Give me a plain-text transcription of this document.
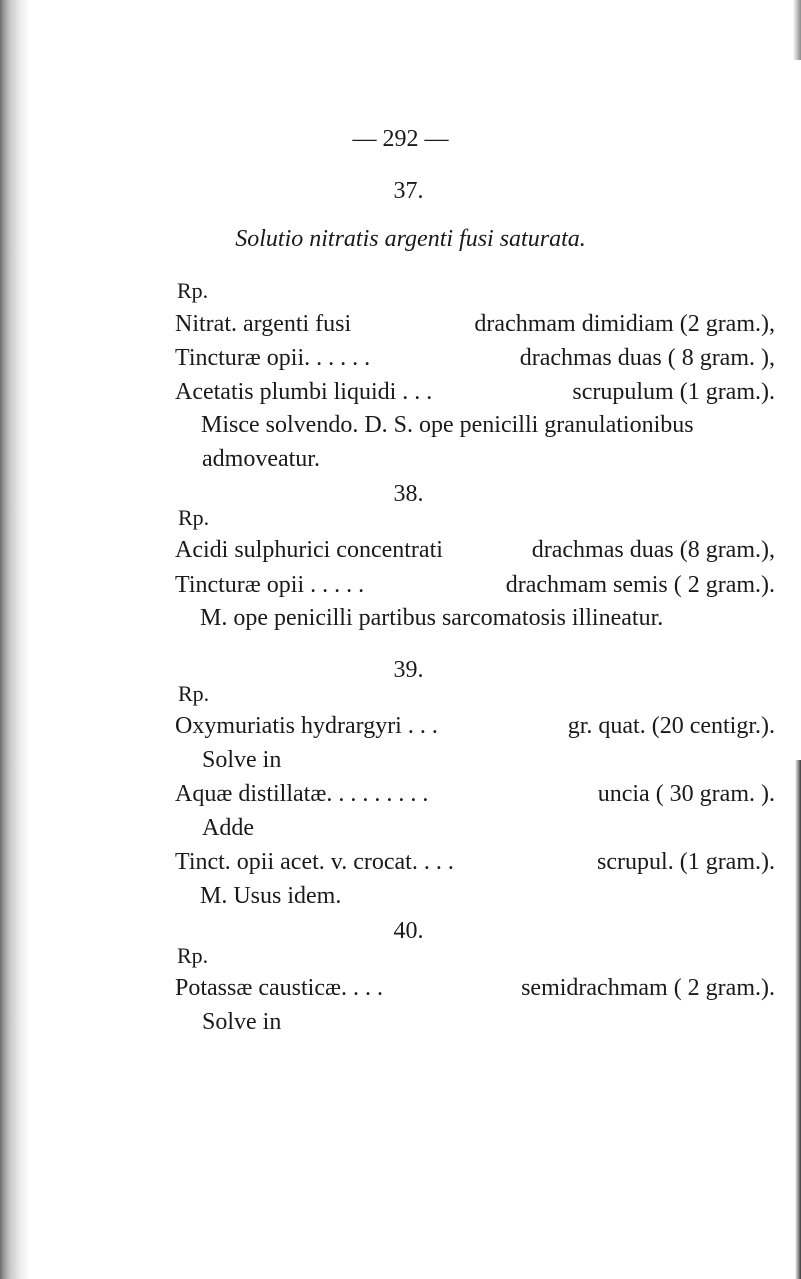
— 292 —
37.
Solutio nitratis argenti fusi saturata.
Rp.
Nitrat. argenti fusi	drachmam dimidiam (2 gram.),
Tincturæ opii. . . . . .	drachmas duas ( 8 gram. ),
Acetatis plumbi liquidi . . .	scrupulum (1 gram.).
Misce solvendo. D. S. ope penicilli granulationibus
admoveatur.
38.
Rp.
Acidi sulphurici concentrati	drachmas duas (8 gram.),
Tincturæ opii . . . . .	drachmam semis ( 2 gram.).
M. ope penicilli partibus sarcomatosis illineatur.
39.
Rp.
Oxymuriatis hydrargyri . . .	gr. quat. (20 centigr.).
Solve in
Aquæ distillatæ. . . . . . . . .	uncia ( 30 gram. ).
Adde
Tinct. opii acet. v. crocat. . . .	scrupul. (1 gram.).
M. Usus idem.
40.
Rp.
Potassæ causticæ. . . .	semidrachmam ( 2 gram.).
Solve in
